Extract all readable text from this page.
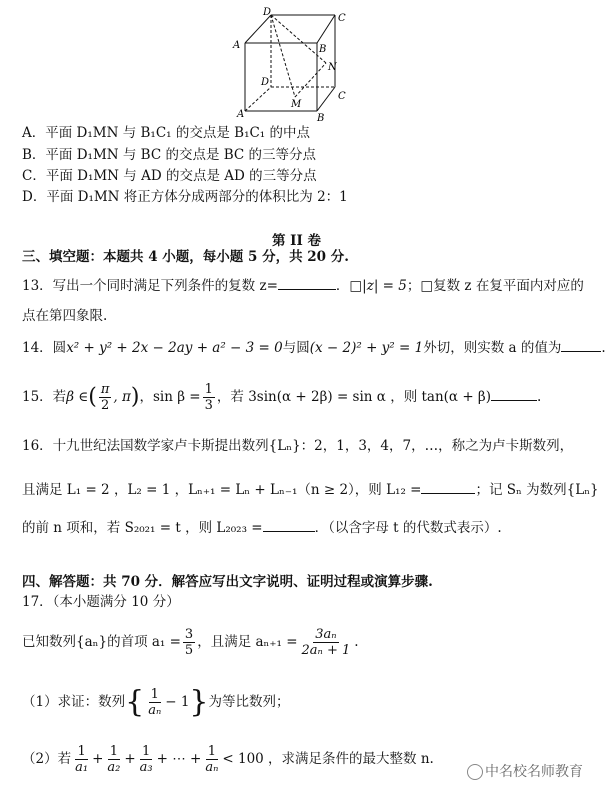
D
C
A	B
D
N
C
A
M
B
A．平面 D₁MN 与 B₁C₁ 的交点是 B₁C₁ 的中点
B．平面 D₁MN 与 BC 的交点是 BC 的三等分点
C．平面 D₁MN 与 AD 的交点是 AD 的三等分点
D．平面 D₁MN 将正方体分成两部分的体积比为 2：1
第 II 卷
三、填空题：本题共 4 小题，每小题 5 分，共 20 分.
13．写出一个同时满足下列条件的复数 z=	．□|z| = 5；□复数 z 在复平面内对应的
点在第四象限.
14．圆x² + y² + 2x − 2ay + a² − 3 = 0与圆(x − 2)² + y² = 1外切，则实数 a 的值为	.
15．若β ∈( $\frac{\pi}{2}$ , π)，$\sin \beta = \frac{1}{3}$ ，若 3sin(α + 2β) = sin α ，则 tan(α + β)	.
16．十九世纪法国数学家卢卡斯提出数列{Lₙ}：2，1，3，4，7，…，称之为卢卡斯数列，
且满足 L₁ = 2 ，L₂ = 1 ，Lₙ₊₁ = Lₙ + Lₙ₋₁（n ≥ 2），则 L₁₂ =	；记 Sₙ 为数列{Lₙ}
的前 n 项和，若 S₂₀₂₁ = t ，则 L₂₀₂₃ =	．（以含字母 t 的代数式表示）.
四、解答题：共 70 分．解答应写出文字说明、证明过程或演算步骤.
17．（本小题满分 10 分）
已知数列{aₙ}的首项 $a_1 = \frac{3}{5}$ ，且满足 $a_{n+1} = \frac{\text{3aₙ}}{\text{2aₙ + 1}}$ .
（1）求证：数列{ $\frac{1}{\text{aₙ}} - 1$}为等比数列；
（2）若 $\frac{1}{\text{a₁}} + \frac{1}{\text{a₂}} + \frac{1}{\text{a₃}}$ + ⋯ + $\frac{1}{\text{aₙ}} < 100$ ，求满足条件的最大整数 n.
中名校名师教育
